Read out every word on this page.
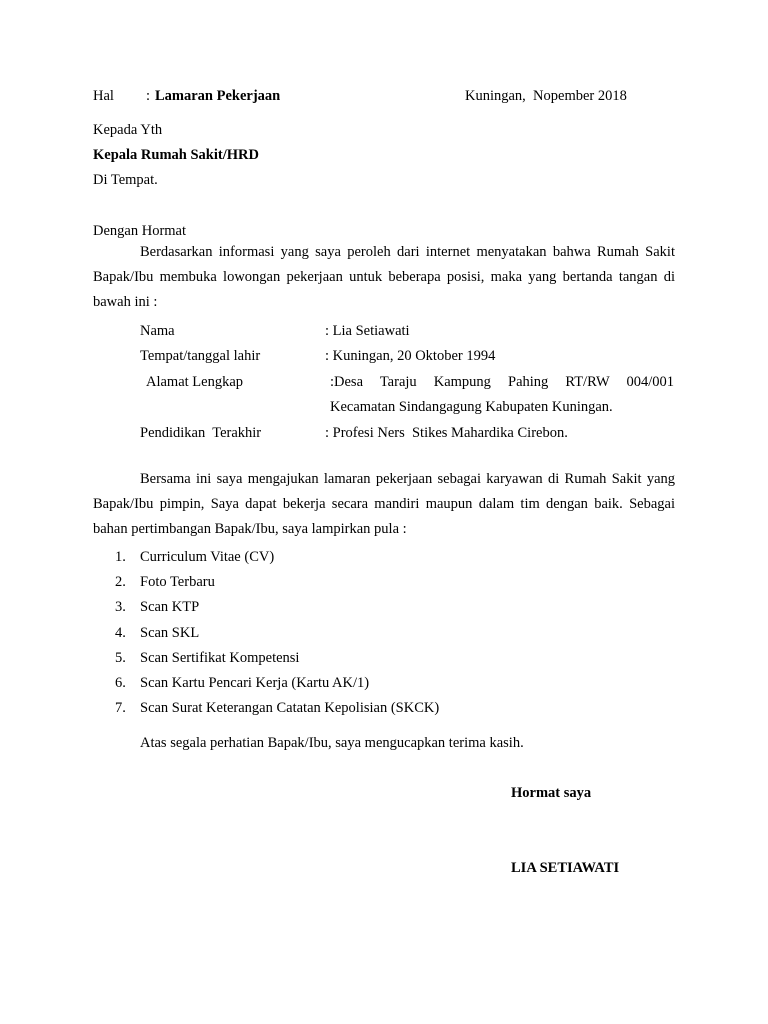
Hal : Lamaran Pekerjaan	Kuningan,  Nopember 2018
Kepada Yth
Kepala Rumah Sakit/HRD
Di Tempat.
Dengan Hormat
Berdasarkan informasi yang saya peroleh dari internet menyatakan bahwa Rumah Sakit Bapak/Ibu membuka lowongan pekerjaan untuk beberapa posisi, maka yang bertanda tangan di bawah ini :
Nama	: Lia Setiawati
Tempat/tanggal lahir	: Kuningan, 20 Oktober 1994
Alamat Lengkap	:Desa Taraju Kampung Pahing RT/RW 004/001
Kecamatan Sindangagung Kabupaten Kuningan.
Pendidikan  Terakhir	: Profesi Ners  Stikes Mahardika Cirebon.
Bersama ini saya mengajukan lamaran pekerjaan sebagai karyawan di Rumah Sakit yang Bapak/Ibu pimpin, Saya dapat bekerja secara mandiri maupun dalam tim dengan baik. Sebagai bahan pertimbangan Bapak/Ibu, saya lampirkan pula :
1. Curriculum Vitae (CV)
2. Foto Terbaru
3. Scan KTP
4. Scan SKL
5. Scan Sertifikat Kompetensi
6. Scan Kartu Pencari Kerja (Kartu AK/1)
7. Scan Surat Keterangan Catatan Kepolisian (SKCK)
Atas segala perhatian Bapak/Ibu, saya mengucapkan terima kasih.
Hormat saya
LIA SETIAWATI
